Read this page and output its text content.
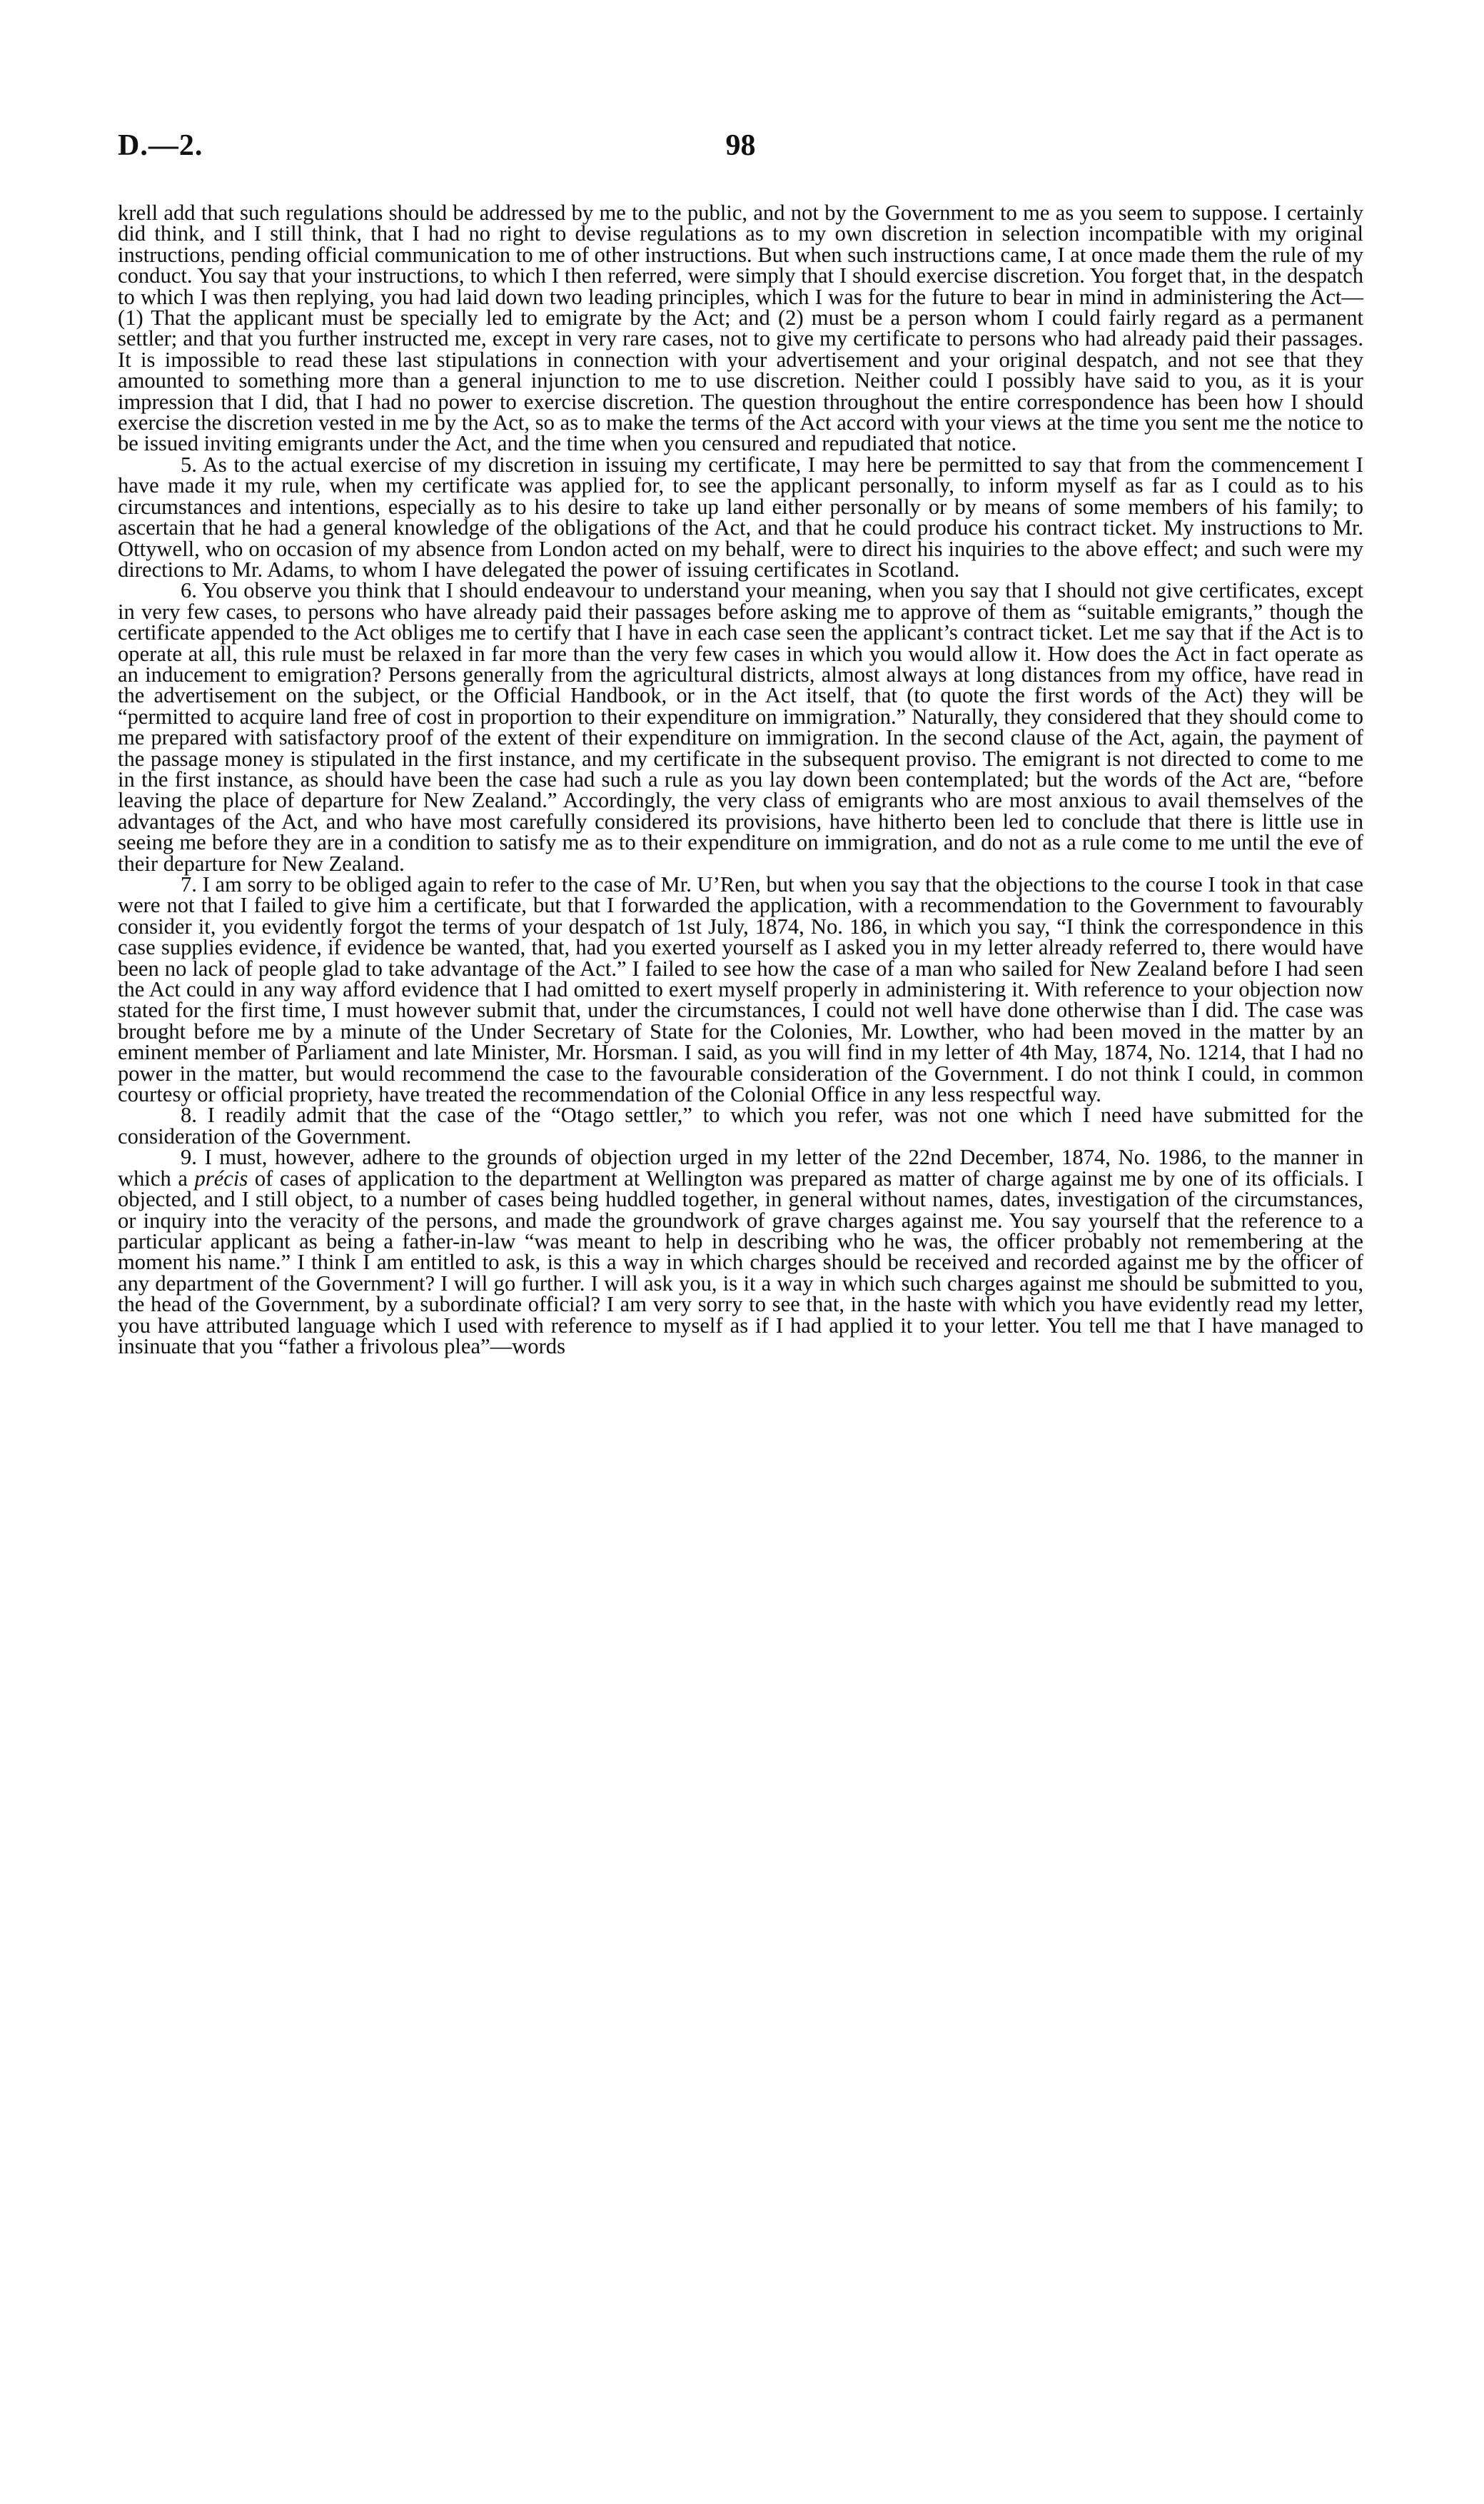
D.—2.	98

krell add that such regulations should be addressed by me to the public, and not by the Government to me as you seem to suppose. I certainly did think, and I still think, that I had no right to devise regulations as to my own discretion in selection incompatible with my original instructions, pending official communication to me of other instructions. But when such instructions came, I at once made them the rule of my conduct. You say that your instructions, to which I then referred, were simply that I should exercise discretion. You forget that, in the despatch to which I was then replying, you had laid down two leading principles, which I was for the future to bear in mind in administering the Act—(1) That the applicant must be specially led to emigrate by the Act; and (2) must be a person whom I could fairly regard as a permanent settler; and that you further instructed me, except in very rare cases, not to give my certificate to persons who had already paid their passages. It is impossible to read these last stipulations in connection with your advertisement and your original despatch, and not see that they amounted to something more than a general injunction to me to use discretion. Neither could I possibly have said to you, as it is your impression that I did, that I had no power to exercise discretion. The question throughout the entire correspondence has been how I should exercise the discretion vested in me by the Act, so as to make the terms of the Act accord with your views at the time you sent me the notice to be issued inviting emigrants under the Act, and the time when you censured and repudiated that notice.

5. As to the actual exercise of my discretion in issuing my certificate, I may here be permitted to say that from the commencement I have made it my rule, when my certificate was applied for, to see the applicant personally, to inform myself as far as I could as to his circumstances and intentions, especially as to his desire to take up land either personally or by means of some members of his family; to ascertain that he had a general knowledge of the obligations of the Act, and that he could produce his contract ticket. My instructions to Mr. Ottywell, who on occasion of my absence from London acted on my behalf, were to direct his inquiries to the above effect; and such were my directions to Mr. Adams, to whom I have delegated the power of issuing certificates in Scotland.

6. You observe you think that I should endeavour to understand your meaning, when you say that I should not give certificates, except in very few cases, to persons who have already paid their passages before asking me to approve of them as “suitable emigrants,” though the certificate appended to the Act obliges me to certify that I have in each case seen the applicant’s contract ticket. Let me say that if the Act is to operate at all, this rule must be relaxed in far more than the very few cases in which you would allow it. How does the Act in fact operate as an inducement to emigration? Persons generally from the agricultural districts, almost always at long distances from my office, have read in the advertisement on the subject, or the Official Handbook, or in the Act itself, that (to quote the first words of the Act) they will be “permitted to acquire land free of cost in proportion to their expenditure on immigration.” Naturally, they considered that they should come to me prepared with satisfactory proof of the extent of their expenditure on immigration. In the second clause of the Act, again, the payment of the passage money is stipulated in the first instance, and my certificate in the subsequent proviso. The emigrant is not directed to come to me in the first instance, as should have been the case had such a rule as you lay down been contemplated; but the words of the Act are, “before leaving the place of departure for New Zealand.” Accordingly, the very class of emigrants who are most anxious to avail themselves of the advantages of the Act, and who have most carefully considered its provisions, have hitherto been led to conclude that there is little use in seeing me before they are in a condition to satisfy me as to their expenditure on immigration, and do not as a rule come to me until the eve of their departure for New Zealand.

7. I am sorry to be obliged again to refer to the case of Mr. U’Ren, but when you say that the objections to the course I took in that case were not that I failed to give him a certificate, but that I forwarded the application, with a recommendation to the Government to favourably consider it, you evidently forgot the terms of your despatch of 1st July, 1874, No. 186, in which you say, “I think the correspondence in this case supplies evidence, if evidence be wanted, that, had you exerted yourself as I asked you in my letter already referred to, there would have been no lack of people glad to take advantage of the Act.” I failed to see how the case of a man who sailed for New Zealand before I had seen the Act could in any way afford evidence that I had omitted to exert myself properly in administering it. With reference to your objection now stated for the first time, I must however submit that, under the circumstances, I could not well have done otherwise than I did. The case was brought before me by a minute of the Under Secretary of State for the Colonies, Mr. Lowther, who had been moved in the matter by an eminent member of Parliament and late Minister, Mr. Horsman. I said, as you will find in my letter of 4th May, 1874, No. 1214, that I had no power in the matter, but would recommend the case to the favourable consideration of the Government. I do not think I could, in common courtesy or official propriety, have treated the recommendation of the Colonial Office in any less respectful way.

8. I readily admit that the case of the “Otago settler,” to which you refer, was not one which I need have submitted for the consideration of the Government.

9. I must, however, adhere to the grounds of objection urged in my letter of the 22nd December, 1874, No. 1986, to the manner in which a précis of cases of application to the department at Wellington was prepared as matter of charge against me by one of its officials. I objected, and I still object, to a number of cases being huddled together, in general without names, dates, investigation of the circumstances, or inquiry into the veracity of the persons, and made the groundwork of grave charges against me. You say yourself that the reference to a particular applicant as being a father-in-law “was meant to help in describing who he was, the officer probably not remembering at the moment his name.” I think I am entitled to ask, is this a way in which charges should be received and recorded against me by the officer of any department of the Government? I will go further. I will ask you, is it a way in which such charges against me should be submitted to you, the head of the Government, by a subordinate official? I am very sorry to see that, in the haste with which you have evidently read my letter, you have attributed language which I used with reference to myself as if I had applied it to your letter. You tell me that I have managed to insinuate that you “father a frivolous plea”—words
